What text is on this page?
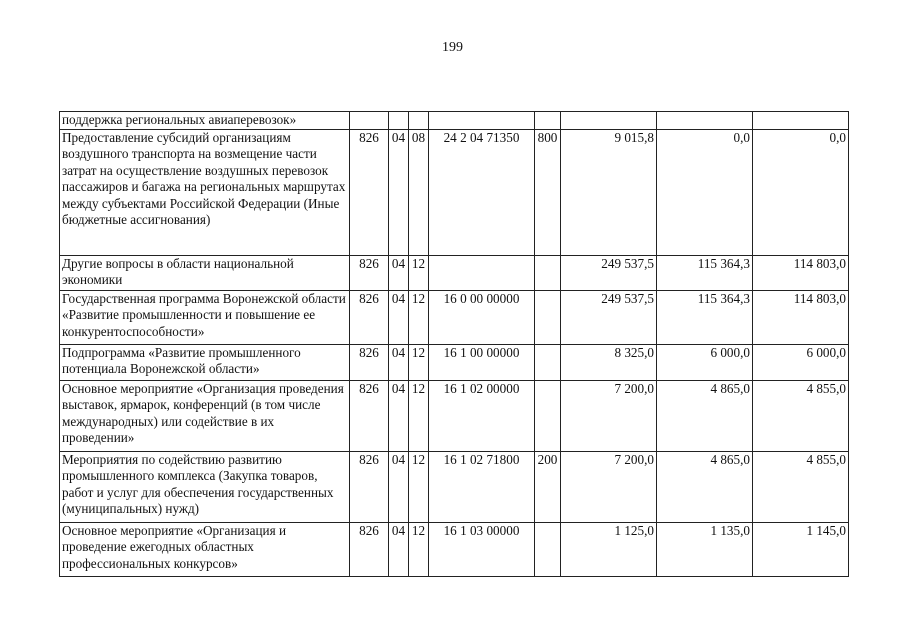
199
поддержка региональных авиаперевозок»								
Предоставление субсидий организациям воздушного транспорта на возмещение части затрат на осуществление воздушных перевозок пассажиров и багажа на региональных маршрутах между субъектами Российской Федерации (Иные бюджетные ассигнования)	826	04	08	24 2 04 71350	800	9 015,8	0,0	0,0
Другие вопросы в области национальной экономики	826	04	12			249 537,5	115 364,3	114 803,0
Государственная программа Воронежской области «Развитие промышленности и повышение ее конкурентоспособности»	826	04	12	16 0 00 00000		249 537,5	115 364,3	114 803,0
Подпрограмма «Развитие промышленного потенциала Воронежской области»	826	04	12	16 1 00 00000		8 325,0	6 000,0	6 000,0
Основное мероприятие «Организация проведения выставок, ярмарок, конференций (в том числе международных) или содействие в их проведении»	826	04	12	16 1 02 00000		7 200,0	4 865,0	4 855,0
Мероприятия по содействию развитию промышленного комплекса (Закупка товаров, работ и услуг для обеспечения государственных (муниципальных) нужд)	826	04	12	16 1 02 71800	200	7 200,0	4 865,0	4 855,0
Основное мероприятие «Организация и проведение ежегодных областных профессиональных конкурсов»	826	04	12	16 1 03 00000		1 125,0	1 135,0	1 145,0
